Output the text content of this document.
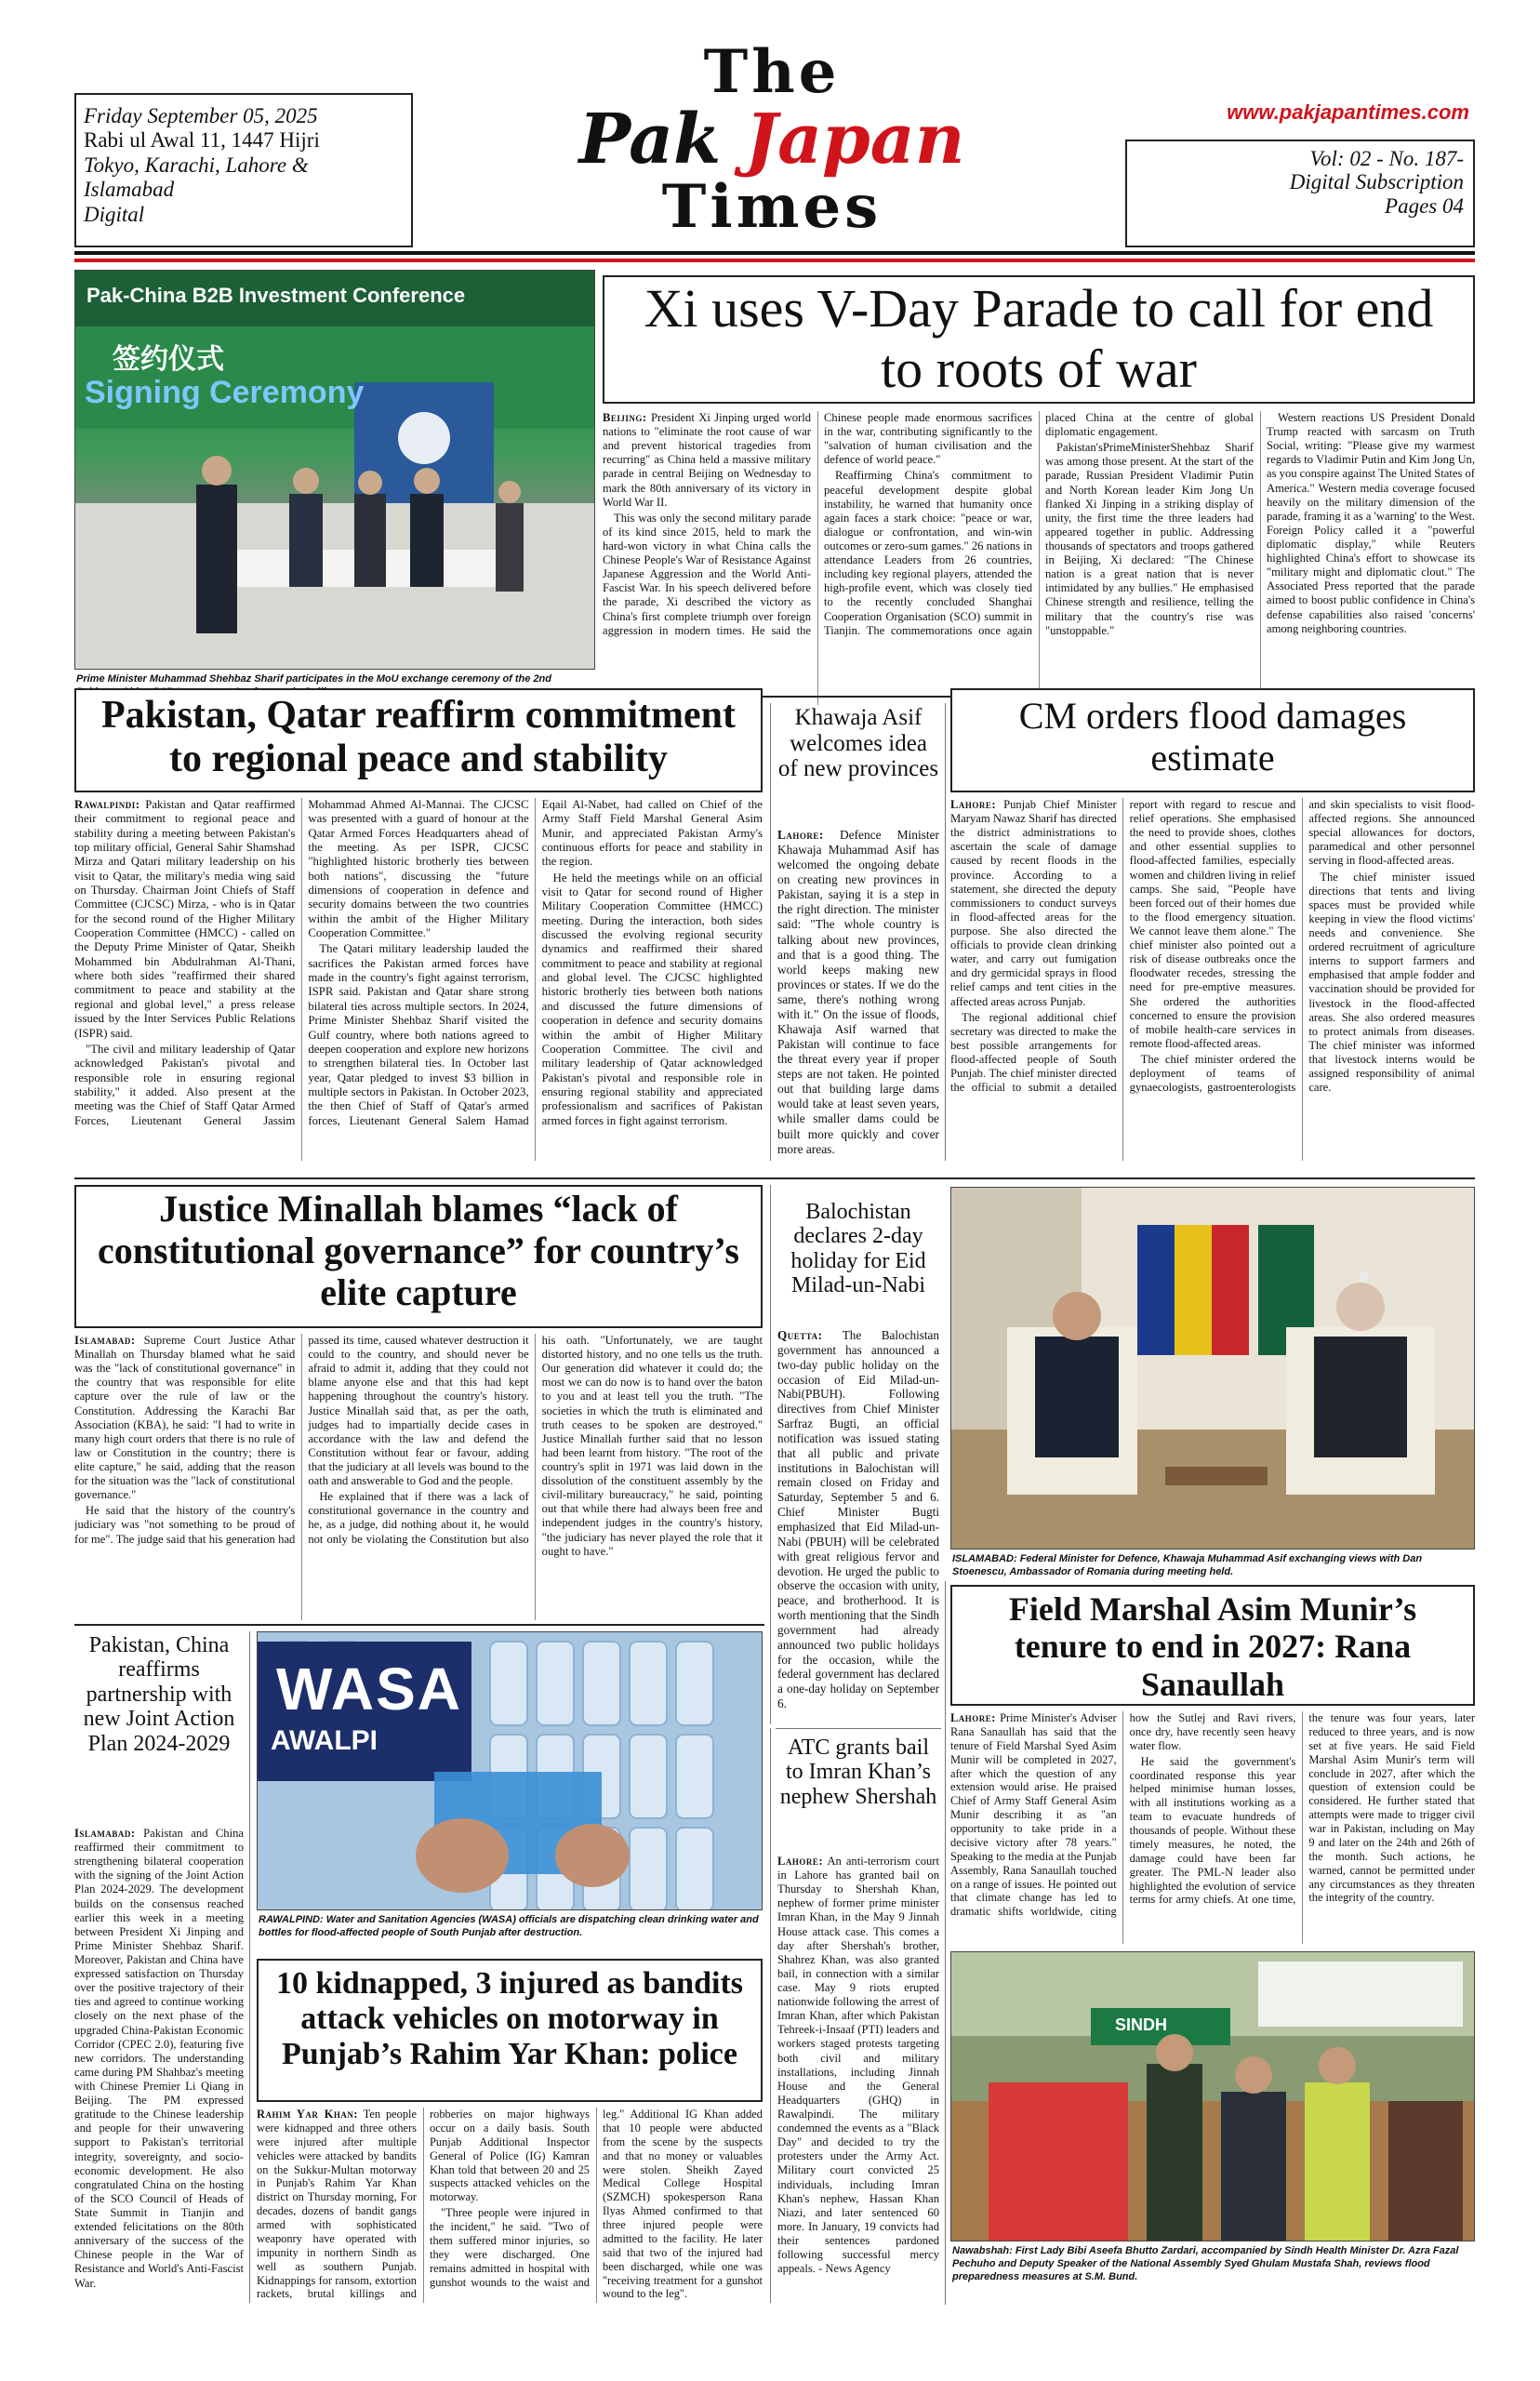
Friday September 05, 2025
Rabi ul Awal 11, 1447 Hijri
Tokyo, Karachi, Lahore & Islamabad
Digital
The
Pak Japan
Times
www.pakjapantimes.com
Vol: 02 - No. 187-
Digital Subscription
Pages 04
Pak-China B2B Investment Conference
签约仪式
Signing Ceremony
Prime Minister Muhammad Shehbaz Sharif participates in the MoU exchange ceremony of the 2nd
Xi uses V-Day Parade to call for end to roots of war

Beijing: President Xi Jinping urged world nations to "eliminate the root cause of war and prevent historical tragedies from recurring" as China held a massive military parade in central Beijing on Wednesday to mark the 80th anniversary of its victory in World War II.

This was only the second military parade of its kind since 2015, held to mark the hard-won victory in what China calls the Chinese People's War of Resistance Against Japanese Aggression and the World Anti-Fascist War. In his speech delivered before the parade, Xi described the victory as China's first complete triumph over foreign aggression in modern times. He said the Chinese people made enormous sacrifices in the war, contributing significantly to the "salvation of human civilisation and the defence of world peace."

Reaffirming China's commitment to peaceful development despite global instability, he warned that humanity once again faces a stark choice: "peace or war, dialogue or confrontation, and win-win outcomes or zero-sum games." 26 nations in attendance Leaders from 26 countries, including key regional players, attended the high-profile event, which was closely tied to the recently concluded Shanghai Cooperation Organisation (SCO) summit in Tianjin. The commemorations once again placed China at the centre of global diplomatic engagement.

Pakistan'sPrimeMinisterShehbaz Sharif was among those present. At the start of the parade, Russian President Vladimir Putin and North Korean leader Kim Jong Un flanked Xi Jinping in a striking display of unity, the first time the three leaders had appeared together in public. Addressing thousands of spectators and troops gathered in Beijing, Xi declared: "The Chinese nation is a great nation that is never intimidated by any bullies." He emphasised Chinese strength and resilience, telling the military that the country's rise was "unstoppable."

Western reactions US President Donald Trump reacted with sarcasm on Truth Social, writing: "Please give my warmest regards to Vladimir Putin and Kim Jong Un, as you conspire against The United States of America." Western media coverage focused heavily on the military dimension of the parade, framing it as a 'warning' to the West. Foreign Policy called it a "powerful diplomatic display," while Reuters highlighted China's effort to showcase its "military might and diplomatic clout." The Associated Press reported that the parade aimed to boost public confidence in China's defense capabilities also raised 'concerns' among neighboring countries.

Pakistan, Qatar reaffirm commitment to regional peace and stability

Rawalpindi: Pakistan and Qatar reaffirmed their commitment to regional peace and stability during a meeting between Pakistan's top military official, General Sahir Shamshad Mirza and Qatari military leadership on his visit to Qatar, the military's media wing said on Thursday. Chairman Joint Chiefs of Staff Committee (CJCSC) Mirza, - who is in Qatar for the second round of the Higher Military Cooperation Committee (HMCC) - called on the Deputy Prime Minister of Qatar, Sheikh Mohammed bin Abdulrahman Al-Thani, where both sides "reaffirmed their shared commitment to peace and stability at the regional and global level," a press release issued by the Inter Services Public Relations (ISPR) said.

"The civil and military leadership of Qatar acknowledged Pakistan's pivotal and responsible role in ensuring regional stability," it added. Also present at the meeting was the Chief of Staff Qatar Armed Forces, Lieutenant General Jassim Mohammad Ahmed Al-Mannai. The CJCSC was presented with a guard of honour at the Qatar Armed Forces Headquarters ahead of the meeting. As per ISPR, CJCSC "highlighted historic brotherly ties between both nations", discussing the "future dimensions of cooperation in defence and security domains between the two countries within the ambit of the Higher Military Cooperation Committee."

The Qatari military leadership lauded the sacrifices the Pakistan armed forces have made in the country's fight against terrorism, ISPR said. Pakistan and Qatar share strong bilateral ties across multiple sectors. In 2024, Prime Minister Shehbaz Sharif visited the Gulf country, where both nations agreed to deepen cooperation and explore new horizons to strengthen bilateral ties. In October last year, Qatar pledged to invest $3 billion in multiple sectors in Pakistan. In October 2023, the then Chief of Staff of Qatar's armed forces, Lieutenant General Salem Hamad Eqail Al-Nabet, had called on Chief of the Army Staff Field Marshal General Asim Munir, and appreciated Pakistan Army's continuous efforts for peace and stability in the region.

He held the meetings while on an official visit to Qatar for second round of Higher Military Cooperation Committee (HMCC) meeting. During the interaction, both sides discussed the evolving regional security dynamics and reaffirmed their shared commitment to peace and stability at regional and global level. The CJCSC highlighted historic brotherly ties between both nations and discussed the future dimensions of cooperation in defence and security domains within the ambit of Higher Military Cooperation Committee. The civil and military leadership of Qatar acknowledged Pakistan's pivotal and responsible role in ensuring regional stability and appreciated professionalism and sacrifices of Pakistan armed forces in fight against terrorism.

Khawaja Asif welcomes idea of new provinces

Lahore: Defence Minister Khawaja Muhammad Asif has welcomed the ongoing debate on creating new provinces in Pakistan, saying it is a step in the right direction. The minister said: "The whole country is talking about new provinces, and that is a good thing. The world keeps making new provinces or states. If we do the same, there's nothing wrong with it." On the issue of floods, Khawaja Asif warned that Pakistan will continue to face the threat every year if proper steps are not taken. He pointed out that building large dams would take at least seven years, while smaller dams could be built more quickly and cover more areas.

CM orders flood damages estimate

Lahore: Punjab Chief Minister Maryam Nawaz Sharif has directed the district administrations to ascertain the scale of damage caused by recent floods in the province. According to a statement, she directed the deputy commissioners to conduct surveys in flood-affected areas for the purpose. She also directed the officials to provide clean drinking water, and carry out fumigation and dry germicidal sprays in flood relief camps and tent cities in the affected areas across Punjab.

The regional additional chief secretary was directed to make the best possible arrangements for flood-affected people of South Punjab. The chief minister directed the official to submit a detailed report with regard to rescue and relief operations. She emphasised the need to provide shoes, clothes and other essential supplies to flood-affected families, especially women and children living in relief camps. She said, "People have been forced out of their homes due to the flood emergency situation. We cannot leave them alone." The chief minister also pointed out a risk of disease outbreaks once the floodwater recedes, stressing the need for pre-emptive measures. She ordered the authorities concerned to ensure the provision of mobile health-care services in remote flood-affected areas.

The chief minister ordered the deployment of teams of gynaecologists, gastroenterologists and skin specialists to visit flood-affected regions. She announced special allowances for doctors, paramedical and other personnel serving in flood-affected areas.

The chief minister issued directions that tents and living spaces must be provided while keeping in view the flood victims' needs and convenience. She ordered recruitment of agriculture interns to support farmers and emphasised that ample fodder and vaccination should be provided for livestock in the flood-affected areas. She also ordered measures to protect animals from diseases. The chief minister was informed that livestock interns would be assigned responsibility of animal care.

Justice Minallah blames “lack of constitutional governance” for country’s elite capture

Islamabad: Supreme Court Justice Athar Minallah on Thursday blamed what he said was the "lack of constitutional governance" in the country that was responsible for elite capture over the rule of law or the Constitution. Addressing the Karachi Bar Association (KBA), he said: "I had to write in many high court orders that there is no rule of law or Constitution in the country; there is elite capture," he said, adding that the reason for the situation was the "lack of constitutional governance."

He said that the history of the country's judiciary was "not something to be proud of for me". The judge said that his generation had passed its time, caused whatever destruction it could to the country, and should never be afraid to admit it, adding that they could not blame anyone else and that this had kept happening throughout the country's history. Justice Minallah said that, as per the oath, judges had to impartially decide cases in accordance with the law and defend the Constitution without fear or favour, adding that the judiciary at all levels was bound to the oath and answerable to God and the people.

He explained that if there was a lack of constitutional governance in the country and he, as a judge, did nothing about it, he would not only be violating the Constitution but also his oath. "Unfortunately, we are taught distorted history, and no one tells us the truth. Our generation did whatever it could do; the most we can do now is to hand over the baton to you and at least tell you the truth. "The societies in which the truth is eliminated and truth ceases to be spoken are destroyed." Justice Minallah further said that no lesson had been learnt from history. "The root of the country's split in 1971 was laid down in the dissolution of the constituent assembly by the civil-military bureaucracy," he said, pointing out that while there had always been free and independent judges in the country's history, "the judiciary has never played the role that it ought to have."

Balochistan declares 2-day holiday for Eid Milad-un-Nabi

Quetta: The Balochistan government has announced a two-day public holiday on the occasion of Eid Milad-un-Nabi(PBUH). Following directives from Chief Minister Sarfraz Bugti, an official notification was issued stating that all public and private institutions in Balochistan will remain closed on Friday and Saturday, September 5 and 6. Chief Minister Bugti emphasized that Eid Milad-un-Nabi (PBUH) will be celebrated with great religious fervor and devotion. He urged the public to observe the occasion with unity, peace, and brotherhood. It is worth mentioning that the Sindh government had already announced two public holidays for the occasion, while the federal government has declared a one-day holiday on September 6.

ISLAMABAD: Federal Minister for Defence, Khawaja Muhammad Asif exchanging views with Dan Stoenescu, Ambassador of Romania during meeting held.
Field Marshal Asim Munir’s tenure to end in 2027: Rana Sanaullah

Lahore: Prime Minister's Adviser Rana Sanaullah has said that the tenure of Field Marshal Syed Asim Munir will be completed in 2027, after which the question of any extension would arise. He praised Chief of Army Staff General Asim Munir describing it as "an opportunity to take pride in a decisive victory after 78 years." Speaking to the media at the Punjab Assembly, Rana Sanaullah touched on a range of issues. He pointed out that climate change has led to dramatic shifts worldwide, citing how the Sutlej and Ravi rivers, once dry, have recently seen heavy water flow.

He said the government's coordinated response this year helped minimise human losses, with all institutions working as a team to evacuate hundreds of thousands of people. Without these timely measures, he noted, the damage could have been far greater. The PML-N leader also highlighted the evolution of service terms for army chiefs. At one time, the tenure was four years, later reduced to three years, and is now set at five years. He said Field Marshal Asim Munir's term will conclude in 2027, after which the question of extension could be considered. He further stated that attempts were made to trigger civil war in Pakistan, including on May 9 and later on the 24th and 26th of the month. Such actions, he warned, cannot be permitted under any circumstances as they threaten the integrity of the country.

Pakistan, China reaffirms partnership with new Joint Action Plan 2024-2029

Islamabad: Pakistan and China reaffirmed their commitment to strengthening bilateral cooperation with the signing of the Joint Action Plan 2024-2029. The development builds on the consensus reached earlier this week in a meeting between President Xi Jinping and Prime Minister Shehbaz Sharif. Moreover, Pakistan and China have expressed satisfaction on Thursday over the positive trajectory of their ties and agreed to continue working closely on the next phase of the upgraded China-Pakistan Economic Corridor (CPEC 2.0), featuring five new corridors. The understanding came during PM Shahbaz's meeting with Chinese Premier Li Qiang in Beijing. The PM expressed gratitude to the Chinese leadership and people for their unwavering support to Pakistan's territorial integrity, sovereignty, and socio-economic development. He also congratulated China on the hosting of the SCO Council of Heads of State Summit in Tianjin and extended felicitations on the 80th anniversary of the success of the Chinese people in the War of Resistance and World's Anti-Fascist War.

WASA
AWALPI
RAWALPIND: Water and Sanitation Agencies (WASA) officials are dispatching clean drinking water and bottles for flood-affected people of South Punjab after destruction.
10 kidnapped, 3 injured as bandits attack vehicles on motorway in Punjab’s Rahim Yar Khan: police

Rahim Yar Khan: Ten people were kidnapped and three others were injured after multiple vehicles were attacked by bandits on the Sukkur-Multan motorway in Punjab's Rahim Yar Khan district on Thursday morning, For decades, dozens of bandit gangs armed with sophisticated weaponry have operated with impunity in northern Sindh as well as southern Punjab. Kidnappings for ransom, extortion rackets, brutal killings and robberies on major highways occur on a daily basis. South Punjab Additional Inspector General of Police (IG) Kamran Khan told that between 20 and 25 suspects attacked vehicles on the motorway.

"Three people were injured in the incident," he said. "Two of them suffered minor injuries, so they were discharged. One remains admitted in hospital with gunshot wounds to the waist and leg." Additional IG Khan added that 10 people were abducted from the scene by the suspects and that no money or valuables were stolen. Sheikh Zayed Medical College Hospital (SZMCH) spokesperson Rana Ilyas Ahmed confirmed to that three injured people were admitted to the facility. He later said that two of the injured had been discharged, while one was "receiving treatment for a gunshot wound to the leg".

ATC grants bail to Imran Khan’s nephew Shershah

Lahore: An anti-terrorism court in Lahore has granted bail on Thursday to Shershah Khan, nephew of former prime minister Imran Khan, in the May 9 Jinnah House attack case. This comes a day after Shershah's brother, Shahrez Khan, was also granted bail, in connection with a similar case. May 9 riots erupted nationwide following the arrest of Imran Khan, after which Pakistan Tehreek-i-Insaaf (PTI) leaders and workers staged protests targeting both civil and military installations, including Jinnah House and the General Headquarters (GHQ) in Rawalpindi. The military condemned the events as a "Black Day" and decided to try the protesters under the Army Act. Military court convicted 25 individuals, including Imran Khan's nephew, Hassan Khan Niazi, and later sentenced 60 more. In January, 19 convicts had their sentences pardoned following successful mercy appeals. - News Agency

SINDH
Nawabshah: First Lady Bibi Aseefa Bhutto Zardari, accompanied by Sindh Health Minister Dr. Azra Fazal Pechuho and Deputy Speaker of the National Assembly Syed Ghulam Mustafa Shah, reviews flood preparedness measures at S.M. Bund.
